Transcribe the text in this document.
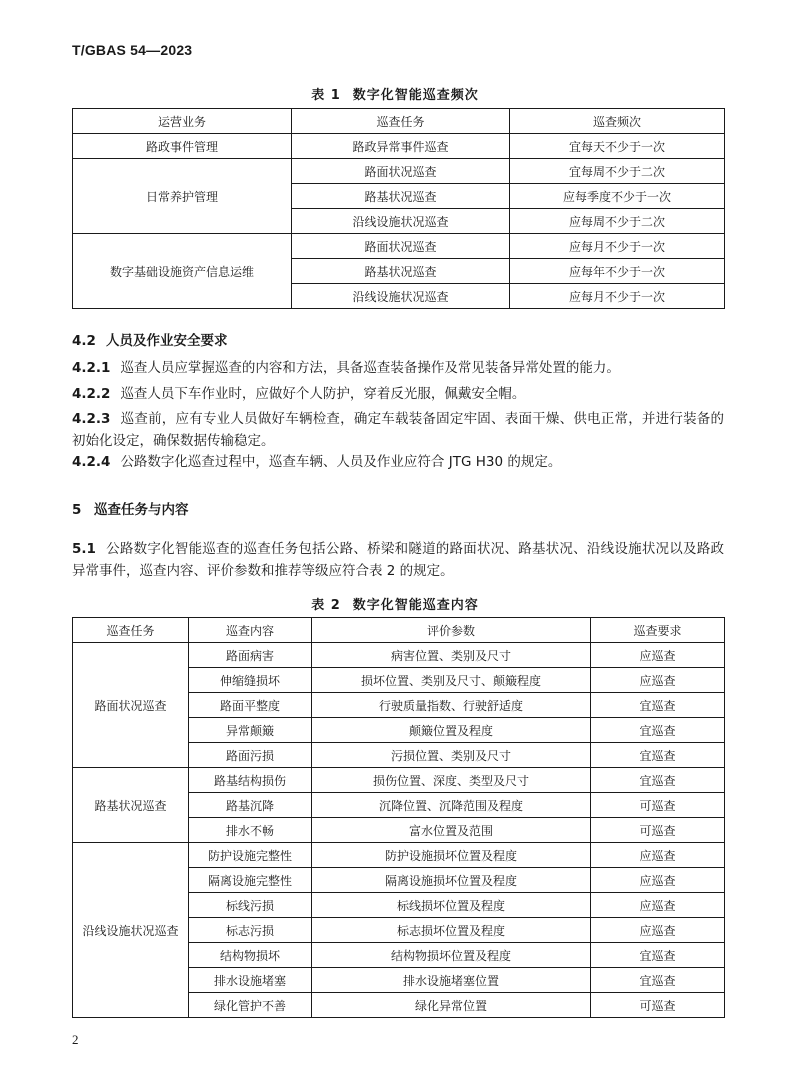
T/GBAS 54—2023
表 1 数字化智能巡查频次
运营业务	巡查任务	巡查频次
路政事件管理	路政异常事件巡查	宜每天不少于一次
日常养护管理	路面状况巡查	宜每周不少于二次
	路基状况巡查	应每季度不少于一次
	沿线设施状况巡查	应每周不少于二次
数字基础设施资产信息运维	路面状况巡查	应每月不少于一次
	路基状况巡查	应每年不少于一次
	沿线设施状况巡查	应每月不少于一次
4.2 人员及作业安全要求
4.2.1 巡查人员应掌握巡查的内容和方法，具备巡查装备操作及常见装备异常处置的能力。
4.2.2 巡查人员下车作业时，应做好个人防护，穿着反光服，佩戴安全帽。
4.2.3 巡查前，应有专业人员做好车辆检查，确定车载装备固定牢固、表面干燥、供电正常，并进行装备的初始化设定，确保数据传输稳定。
4.2.4 公路数字化巡查过程中，巡查车辆、人员及作业应符合 JTG H30 的规定。
5 巡查任务与内容
5.1 公路数字化智能巡查的巡查任务包括公路、桥梁和隧道的路面状况、路基状况、沿线设施状况以及路政异常事件，巡查内容、评价参数和推荐等级应符合表 2 的规定。
表 2 数字化智能巡查内容
巡查任务	巡查内容	评价参数	巡查要求
路面状况巡查	路面病害	病害位置、类别及尺寸	应巡查
	伸缩缝损坏	损坏位置、类别及尺寸、颠簸程度	应巡查
	路面平整度	行驶质量指数、行驶舒适度	宜巡查
	异常颠簸	颠簸位置及程度	宜巡查
	路面污损	污损位置、类别及尺寸	宜巡查
路基状况巡查	路基结构损伤	损伤位置、深度、类型及尺寸	宜巡查
	路基沉降	沉降位置、沉降范围及程度	可巡查
	排水不畅	富水位置及范围	可巡查
沿线设施状况巡查	防护设施完整性	防护设施损坏位置及程度	应巡查
	隔离设施完整性	隔离设施损坏位置及程度	应巡查
	标线污损	标线损坏位置及程度	应巡查
	标志污损	标志损坏位置及程度	应巡查
	结构物损坏	结构物损坏位置及程度	宜巡查
	排水设施堵塞	排水设施堵塞位置	宜巡查
	绿化管护不善	绿化异常位置	可巡查
2
